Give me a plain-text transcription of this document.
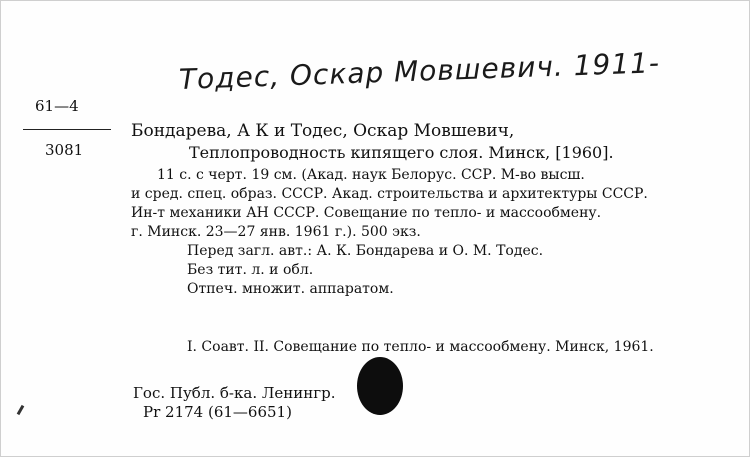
Тодес, Оскар Мовшевич. 1911-
61—4
3081
Бондарева, А К и Тодес, Оскар Мовшевич,
Теплопроводность кипящего слоя. Минск, [1960].
11 с. с черт. 19 см. (Акад. наук Белорус. ССР. М-во высш.
и сред. спец. образ. СССР. Акад. строительства и архитектуры СССР.
Ин-т механики АН СССР. Совещание по тепло- и массообмену.
г. Минск. 23—27 янв. 1961 г.). 500 экз.
Перед загл. авт.: А. К. Бондарева и О. М. Тодес.
Без тит. л. и обл.
Отпеч. множит. аппаратом.
I. Соавт. II. Совещание по тепло- и массообмену. Минск, 1961.
Гос. Публ. б-ка. Ленингр.
Pr 2174 (61—6651)
